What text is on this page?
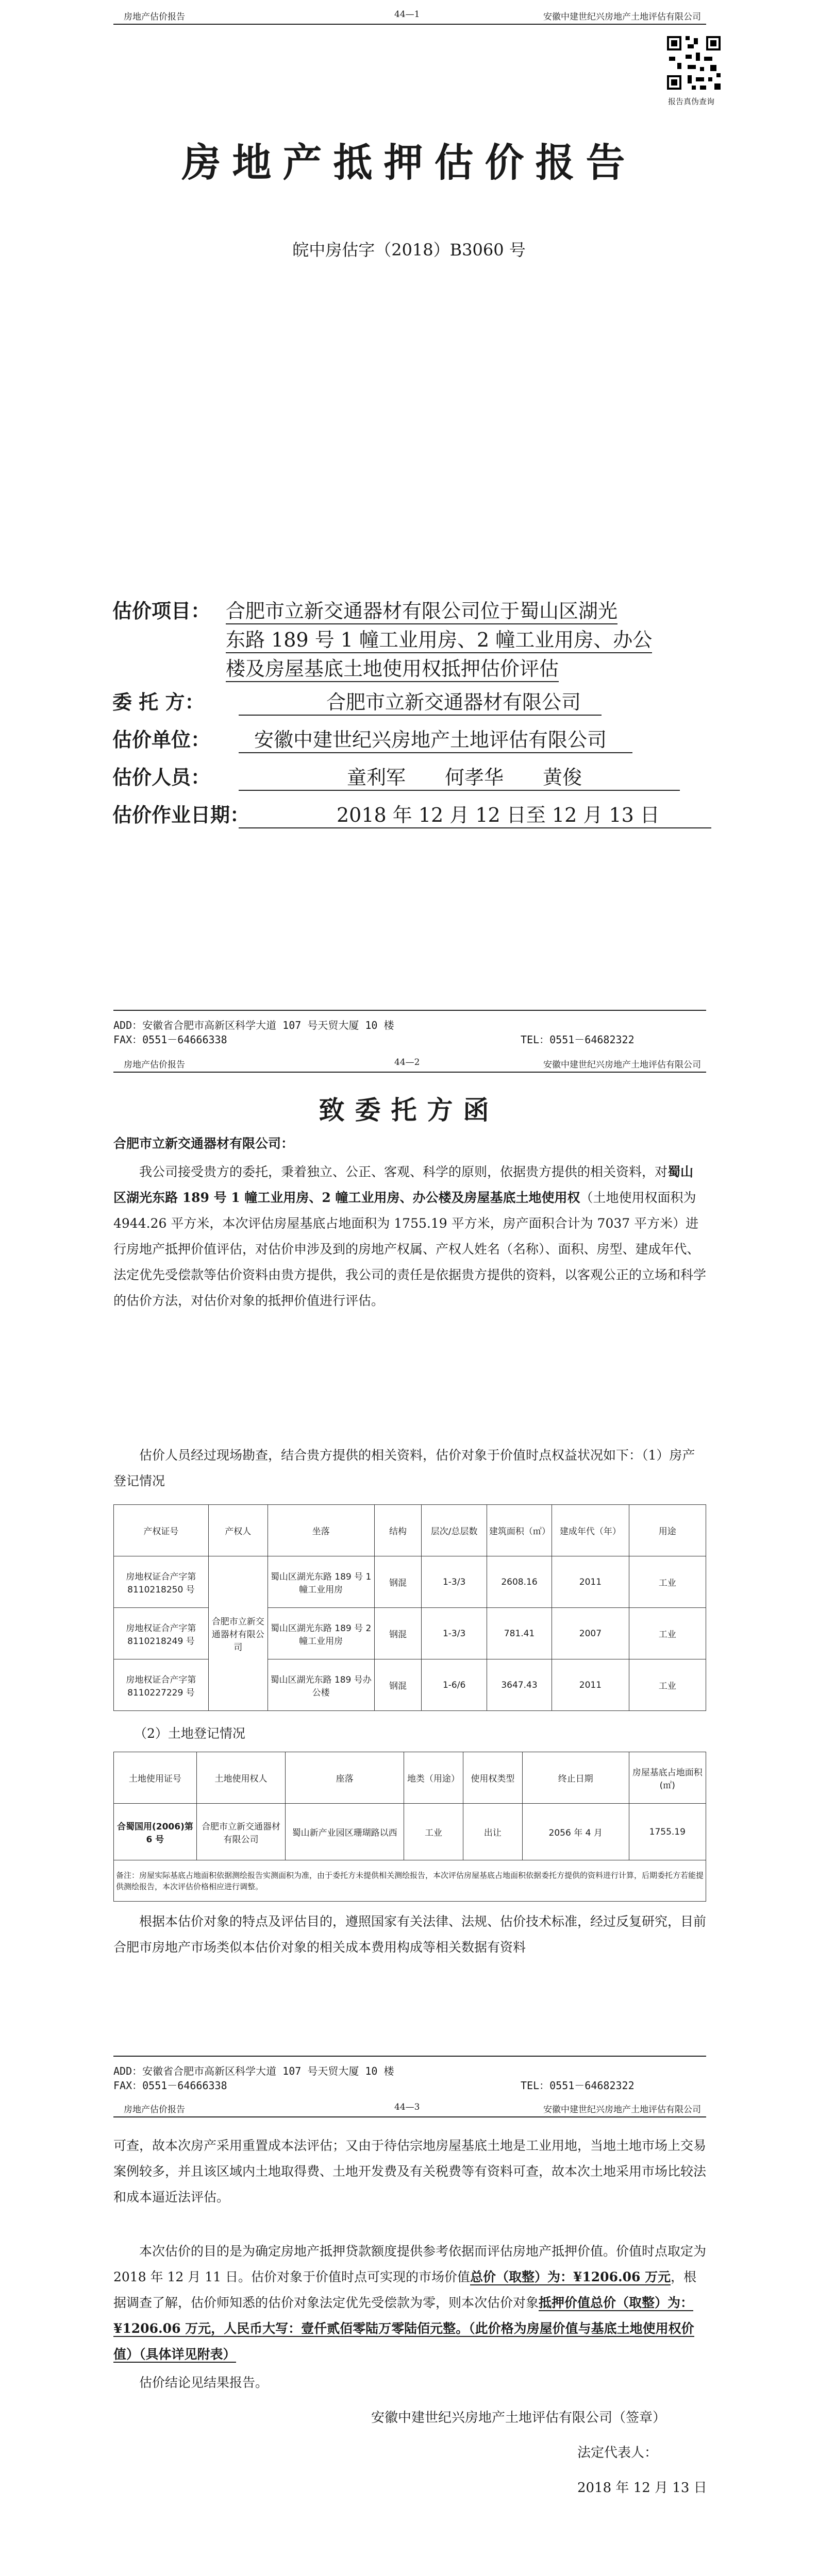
房地产估价报告	44—1	安徽中建世纪兴房地产土地评估有限公司
报告真伪查询
房地产抵押估价报告
皖中房估字（2018）B3060 号
估价项目： 合肥市立新交通器材有限公司位于蜀山区湖光
东路 189 号 1 幢工业用房、2 幢工业用房、办公
楼及房屋基底土地使用权抵押估价评估
委 托 方：	合肥市立新交通器材有限公司
估价单位：	安徽中建世纪兴房地产土地评估有限公司
估价人员：	童利军　　何孝华　　黄俊
估价作业日期：	2018 年 12 月 12 日至 12 月 13 日
ADD：安徽省合肥市高新区科学大道 107 号天贸大厦 10 楼
FAX：0551－64666338	TEL：0551－64682322
房地产估价报告	44—2	安徽中建世纪兴房地产土地评估有限公司
致委托方函
合肥市立新交通器材有限公司：
我公司接受贵方的委托，秉着独立、公正、客观、科学的原则，依据贵方提供的相关资料，对蜀山区湖光东路 189 号 1 幢工业用房、2 幢工业用房、办公楼及房屋基底土地使用权（土地使用权面积为 4944.26 平方米，本次评估房屋基底占地面积为 1755.19 平方米，房产面积合计为 7037 平方米）进行房地产抵押价值评估，对估价申涉及到的房地产权属、产权人姓名（名称）、面积、房型、建成年代、法定优先受偿款等估价资料由贵方提供，我公司的责任是依据贵方提供的资料，以客观公正的立场和科学的估价方法，对估价对象的抵押价值进行评估。
估价人员经过现场勘查，结合贵方提供的相关资料，估价对象于价值时点权益状况如下：（1）房产登记情况
产权证号	产权人	坐落	结构	层次/总层数	建筑面积（㎡）	建成年代（年）	用途
房地权证合产字第 8110218250 号	合肥市立新交通器材有限公司	蜀山区湖光东路 189 号 1 幢工业用房	钢混	1-3/3	2608.16	2011	工业
房地权证合产字第 8110218249 号		蜀山区湖光东路 189 号 2 幢工业用房	钢混	1-3/3	781.41	2007	工业
房地权证合产字第 8110227229 号		蜀山区湖光东路 189 号办公楼	钢混	1-6/6	3647.43	2011	工业
（2）土地登记情况
土地使用证号	土地使用权人	座落	地类（用途）	使用权类型	终止日期	房屋基底占地面积(㎡)
合蜀国用(2006)第 6 号	合肥市立新交通器材有限公司	蜀山新产业园区珊瑚路以西	工业	出让	2056 年 4 月	1755.19
备注：房屋实际基底占地面积依据测绘报告实测面积为准，由于委托方未提供相关测绘报告，本次评估房屋基底占地面积依据委托方提供的资料进行计算，后期委托方若能提供测绘报告，本次评估价格相应进行调整。						
根据本估价对象的特点及评估目的，遵照国家有关法律、法规、估价技术标准，经过反复研究，目前合肥市房地产市场类似本估价对象的相关成本费用构成等相关数据有资料
ADD：安徽省合肥市高新区科学大道 107 号天贸大厦 10 楼
FAX：0551－64666338	TEL：0551－64682322
房地产估价报告	44—3	安徽中建世纪兴房地产土地评估有限公司
可查，故本次房产采用重置成本法评估；又由于待估宗地房屋基底土地是工业用地，当地土地市场上交易案例较多，并且该区域内土地取得费、土地开发费及有关税费等有资料可查，故本次土地采用市场比较法和成本逼近法评估。
本次估价的目的是为确定房地产抵押贷款额度提供参考依据而评估房地产抵押价值。价值时点取定为 2018 年 12 月 11 日。估价对象于价值时点可实现的市场价值总价（取整）为：¥1206.06 万元，根据调查了解，估价师知悉的估价对象法定优先受偿款为零，则本次估价对象抵押价值总价（取整）为：¥1206.06 万元，人民币大写：壹仟贰佰零陆万零陆佰元整。（此价格为房屋价值与基底土地使用权价值）（具体详见附表）
估价结论见结果报告。
安徽中建世纪兴房地产土地评估有限公司（签章）
法定代表人：
2018 年 12 月 13 日
